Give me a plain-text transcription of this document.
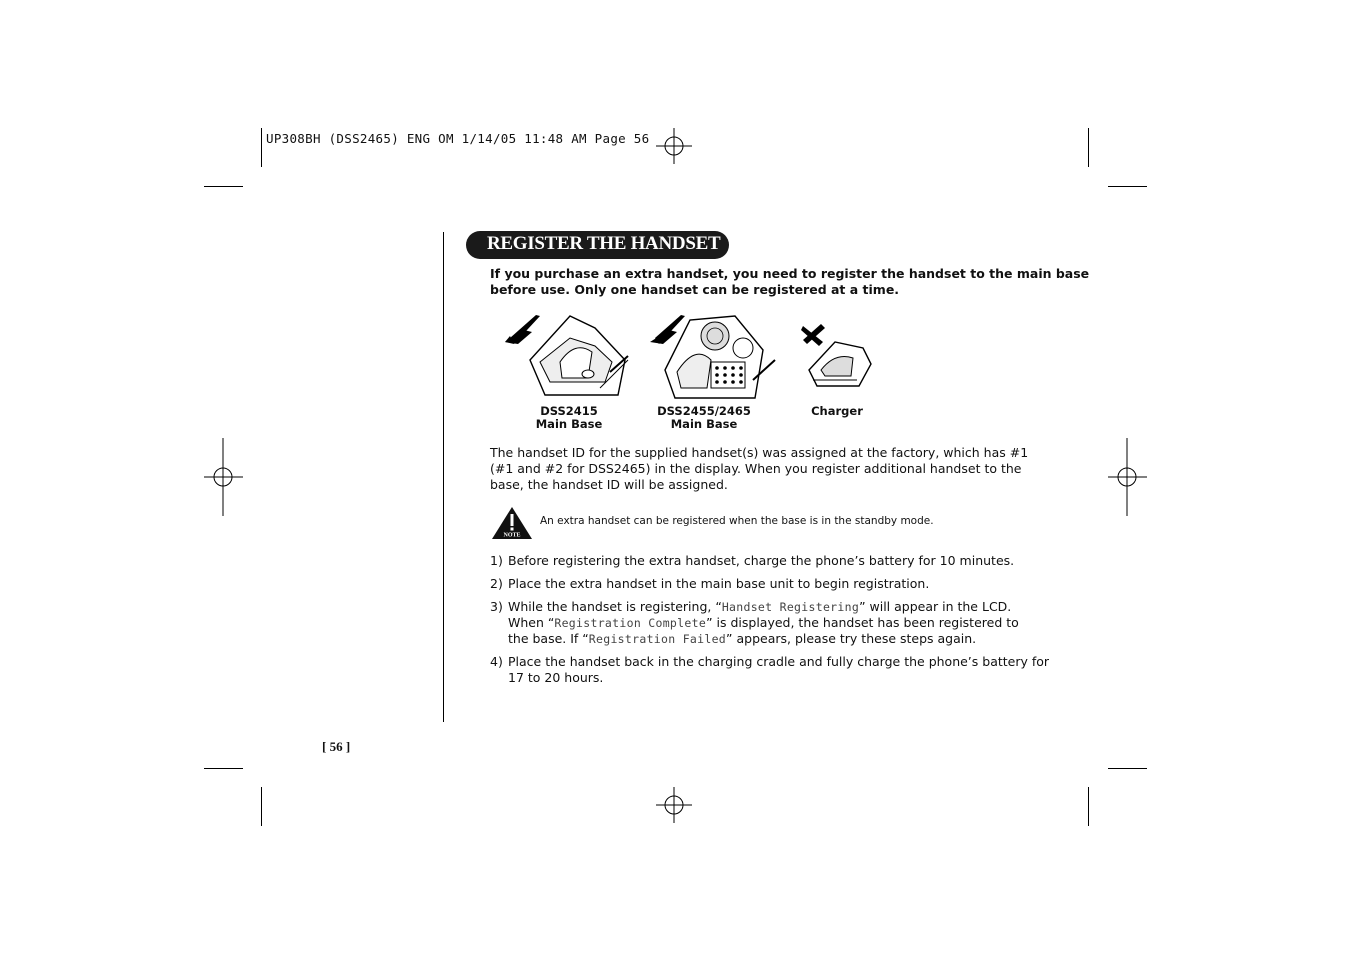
UP308BH (DSS2465) ENG OM 1/14/05 11:48 AM Page 56
REGISTER THE HANDSET
If you purchase an extra handset, you need to register the handset to the main base
before use. Only one handset can be registered at a time.
DSS2415
Main Base
DSS2455/2465
Main Base
Charger
The handset ID for the supplied handset(s) was assigned at the factory, which has #1
(#1 and #2 for DSS2465) in the display. When you register additional handset to the
base, the handset ID will be assigned.
NOTE
An extra handset can be registered when the base is in the standby mode.
1) Before registering the extra handset, charge the phone’s battery for 10 minutes.
2) Place the extra handset in the main base unit to begin registration.
3) While the handset is registering, “Handset Registering” will appear in the LCD.
When “Registration Complete” is displayed, the handset has been registered to
the base. If “Registration Failed” appears, please try these steps again.
4) Place the handset back in the charging cradle and fully charge the phone’s battery for
17 to 20 hours.
[ 56 ]
